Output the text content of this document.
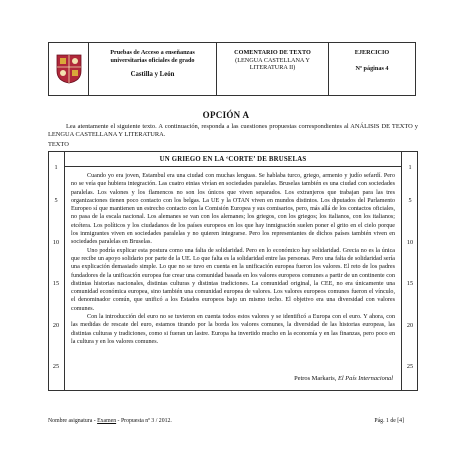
Pruebas de Acceso a enseñanzas
universitarias oficiales de grado
Castilla y León
COMENTARIO DE TEXTO
(LENGUA CASTELLANA Y
LITERATURA II)
EJERCICIO
Nº páginas 4
OPCIÓN A
Lea atentamente el siguiente texto. A continuación, responda a las cuestiones propuestas correspondientes al ANÁLISIS DE TEXTO y LENGUA CASTELLANA Y LITERATURA.
TEXTO
1
5
10
15
20
25
1
5
10
15
20
25
UN GRIEGO EN LA ‘CORTE’ DE BRUSELAS

Cuando yo era joven, Estambul era una ciudad con muchas lenguas. Se hablaba turco, griego, armenio y judío sefardí. Pero no se veía que hubiera integración. Las cuatro etnias vivían en sociedades paralelas. Bruselas también es una ciudad con sociedades paralelas. Los valones y los flamencos no son los únicos que viven separados. Los extranjeros que trabajan para las tres organizaciones tienen poco contacto con los belgas. La UE y la OTAN viven en mundos distintos. Los diputados del Parlamento Europeo sí que mantienen un estrecho contacto con la Comisión Europea y sus comisarios, pero, más allá de los contactos oficiales, no pasa de la escala nacional. Los alemanes se van con los alemanes; los griegos, con los griegos; los italianos, con los italianos; etcétera. Los políticos y los ciudadanos de los países europeos en los que hay inmigración suelen poner el grito en el cielo porque los inmigrantes viven en sociedades paralelas y no quieren integrarse. Pero los representantes de dichos países también viven en sociedades paralelas en Bruselas.

Uno podría explicar esta postura como una falta de solidaridad. Pero en lo económico hay solidaridad. Grecia no es la única que recibe un apoyo solidario por parte de la UE. Lo que falta es la solidaridad entre las personas. Pero una falta de solidaridad sería una explicación demasiado simple. Lo que no se tuvo en cuenta en la unificación europea fueron los valores. El reto de los padres fundadores de la unificación europea fue crear una comunidad basada en los valores europeos comunes a partir de un continente con distintas historias nacionales, distintas culturas y distintas tradiciones. La comunidad original, la CEE, no era únicamente una comunidad económica europea, sino también una comunidad europea de valores. Los valores europeos comunes fueron el vínculo, el denominador común, que unificó a los Estados europeos bajo un mismo techo. El objetivo era una diversidad con valores comunes.

Con la introducción del euro no se tuvieron en cuenta todos estos valores y se identificó a Europa con el euro. Y ahora, con las medidas de rescate del euro, estamos tirando por la borda los valores comunes, la diversidad de las historias europeas, las distintas culturas y tradiciones, como si fueran un lastre. Europa ha invertido mucho en la economía y en las finanzas, pero poco en la cultura y en los valores comunes.

Petros Markaris, El País Internacional
Nombre asignatura - Examen - Propuesta nº 3 / 2012.	Pág. 1 de [4]
